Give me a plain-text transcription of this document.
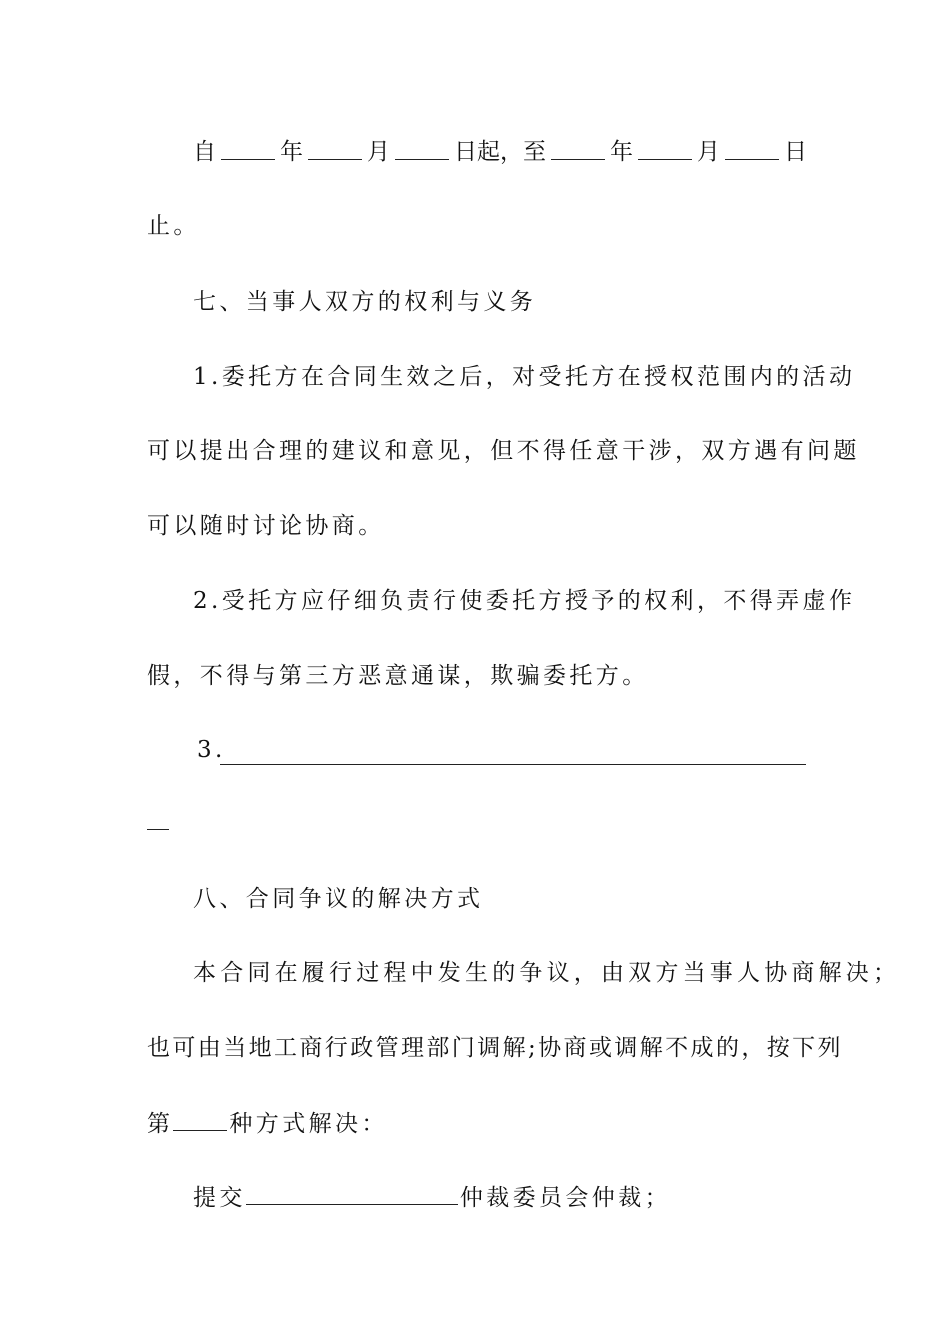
自	年	月	日起，至	年	月	日
止。
七、当事人双方的权利与义务
1.委托方在合同生效之后，对受托方在授权范围内的活动
可以提出合理的建议和意见，但不得任意干涉，双方遇有问题
可以随时讨论协商。
2.受托方应仔细负责行使委托方授予的权利，不得弄虚作
假，不得与第三方恶意通谋，欺骗委托方。
3.
八、合同争议的解决方式
本合同在履行过程中发生的争议，由双方当事人协商解决；
也可由当地工商行政管理部门调解;协商或调解不成的，按下列
第 种方式解决：
提交	仲裁委员会仲裁；
